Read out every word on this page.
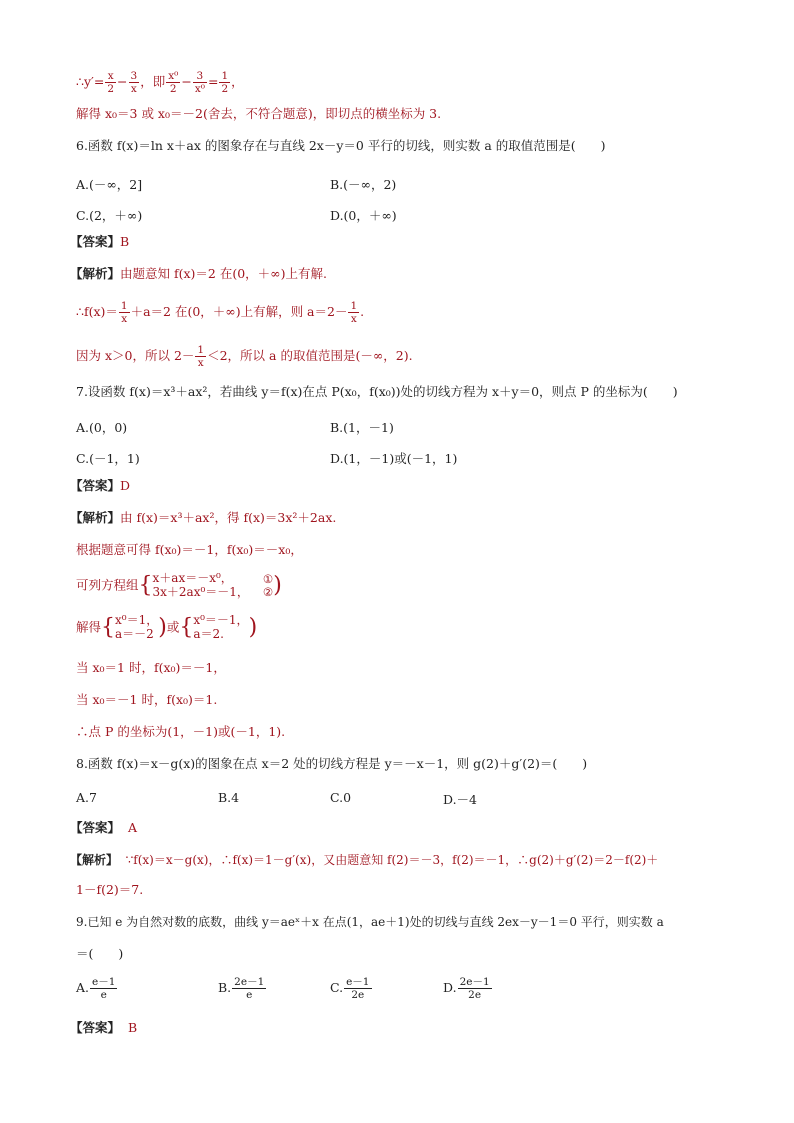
∴y′= $\frac{x}{2} - \frac{3}{x}$ ，即 $\frac{\text{x⁰}}{2} - \frac{3}{\text{x⁰}} = \frac{1}{2}$ ，
解得 x₀＝3 或 x₀＝－2(舍去，不符合题意)，即切点的横坐标为 3.
6.函数 f(x)＝ln x＋ax 的图象存在与直线 2x－y＝0 平行的切线，则实数 a 的取值范围是(　　)
A.(－∞，2]	B.(－∞，2)
C.(2，＋∞)	D.(0，＋∞)
【答案】B
【解析】由题意知 f(x)＝2 在(0，＋∞)上有解.
∴f(x)＝ $\frac{1}{x} +a=2$ 在(0，＋∞)上有解，则 $a=2- \frac{1}{x}$ .
因为 x＞0，所以 $2- \frac{1}{x} <2$，所以 a 的取值范围是(－∞，2).
7.设函数 f(x)＝x³＋ax²，若曲线 y＝f(x)在点 P(x₀，f(x₀))处的切线方程为 x＋y＝0，则点 P 的坐标为(　　)
A.(0，0)	B.(1，－1)
C.(－1，1)	D.(1，－1)或(－1，1)
【答案】D
【解析】由 f(x)＝x³＋ax²，得 f(x)＝3x²＋2ax.
根据题意可得 f(x₀)＝－1，f(x₀)＝－x₀，
可列方程组{ x＋ax＝－x⁰，
3x＋2ax⁰＝－1，
①
② )
解得{ x⁰＝1，
a＝－2 )或{ x⁰＝－1，
a＝2.	)
当 x₀＝1 时，f(x₀)＝－1，
当 x₀＝－1 时，f(x₀)＝1.
∴点 P 的坐标为(1，－1)或(－1，1).
8.函数 f(x)＝x－g(x)的图象在点 x＝2 处的切线方程是 y＝－x－1，则 g(2)＋g′(2)＝(　　)
A.7	B.4	C.0	D.－4
【答案】 A
【解析】 ∵f(x)＝x－g(x)，∴f(x)＝1－g′(x)，又由题意知 f(2)＝－3，f(2)＝－1，∴g(2)＋g′(2)＝2－f(2)＋
1－f(2)＝7.
9.已知 e 为自然对数的底数，曲线 y＝aeˣ＋x 在点(1，ae＋1)处的切线与直线 2ex－y－1＝0 平行，则实数 a
＝(　　)
A. $\frac{e-1}{e}$	B. $\frac{2e-1}{e}$	C. $\frac{e-1}{2e}$	D. $\frac{2e-1}{2e}$
【答案】 B
